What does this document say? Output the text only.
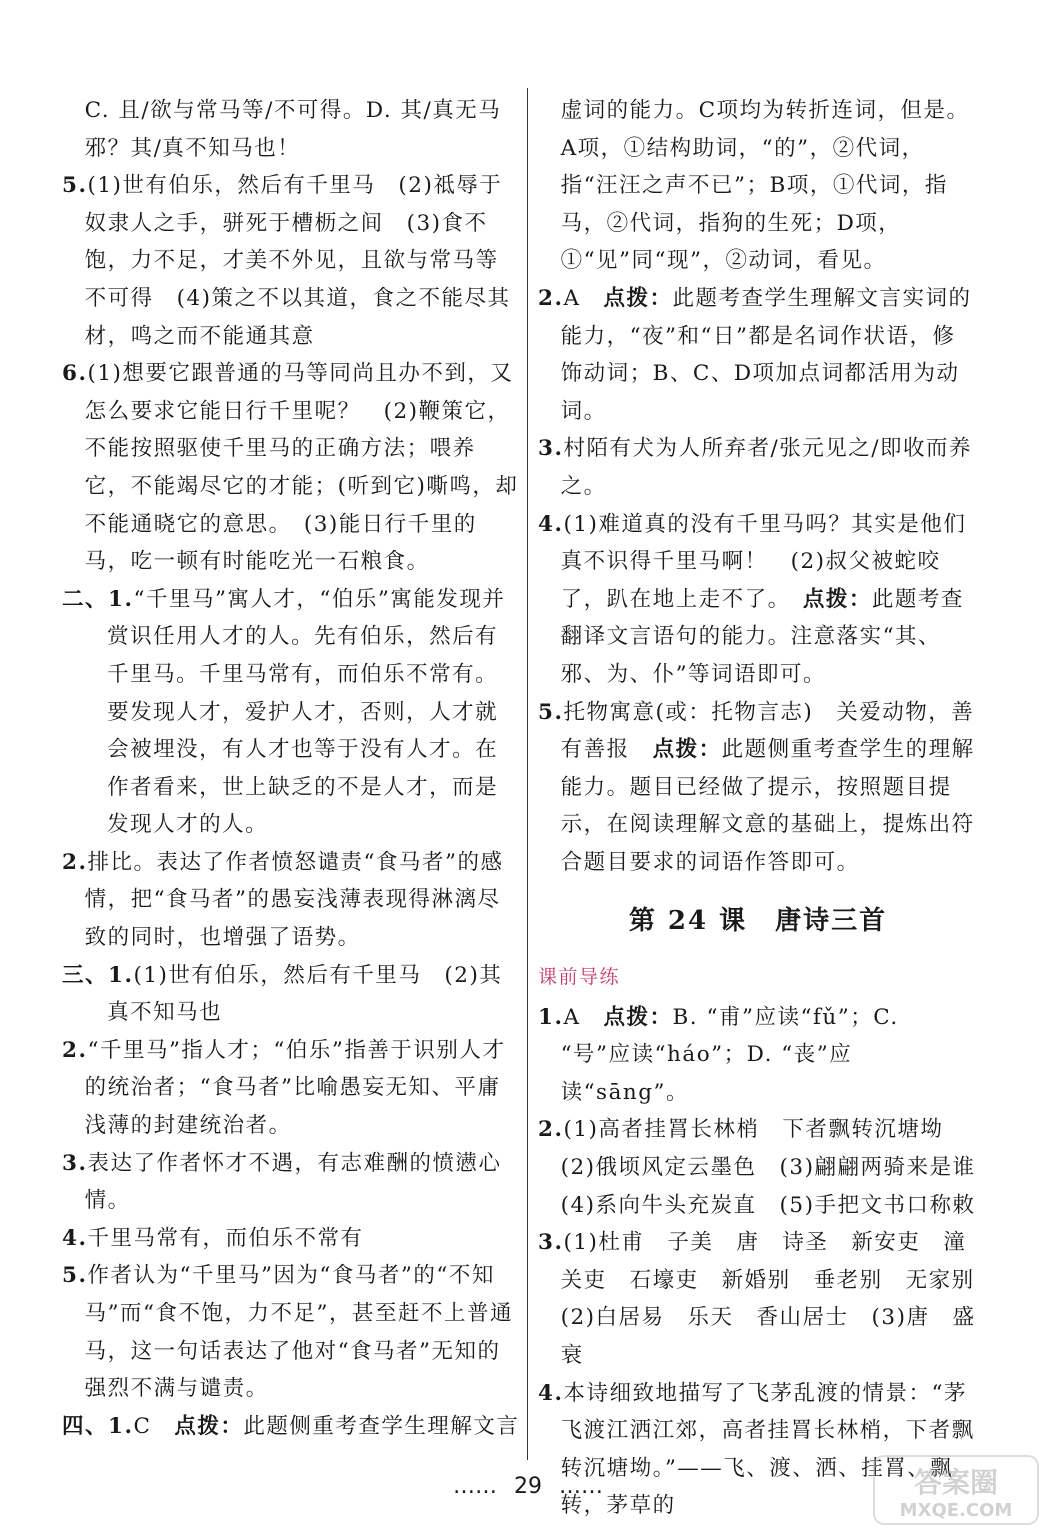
C. 且/欲与常马等/不可得。D. 其/真无马邪？其/真不知马也！
5.(1)世有伯乐，然后有千里马　(2)祗辱于奴隶人之手，骈死于槽枥之间　(3)食不饱，力不足，才美不外见，且欲与常马等不可得　(4)策之不以其道，食之不能尽其材，鸣之而不能通其意
6.(1)想要它跟普通的马等同尚且办不到，又怎么要求它能日行千里呢？　(2)鞭策它，不能按照驱使千里马的正确方法；喂养它，不能竭尽它的才能；(听到它)嘶鸣，却不能通晓它的意思。　(3)能日行千里的马，吃一顿有时能吃光一石粮食。
二、1.“千里马”寓人才，“伯乐”寓能发现并赏识任用人才的人。先有伯乐，然后有千里马。千里马常有，而伯乐不常有。要发现人才，爱护人才，否则，人才就会被埋没，有人才也等于没有人才。在作者看来，世上缺乏的不是人才，而是发现人才的人。
2.排比。表达了作者愤怒谴责“食马者”的感情，把“食马者”的愚妄浅薄表现得淋漓尽致的同时，也增强了语势。
三、1.(1)世有伯乐，然后有千里马　(2)其真不知马也
2.“千里马”指人才；“伯乐”指善于识别人才的统治者；“食马者”比喻愚妄无知、平庸浅薄的封建统治者。
3.表达了作者怀才不遇，有志难酬的愤懑心情。
4.千里马常有，而伯乐不常有
5.作者认为“千里马”因为“食马者”的“不知马”而“食不饱，力不足”，甚至赶不上普通马，这一句话表达了他对“食马者”无知的强烈不满与谴责。
四、1.C　点拨：此题侧重考查学生理解文言
虚词的能力。C项均为转折连词，但是。A项，①结构助词，“的”，②代词，指“汪汪之声不已”；B项，①代词，指马，②代词，指狗的生死；D项，①“见”同“现”，②动词，看见。
2.A　点拨：此题考查学生理解文言实词的能力，“夜”和“日”都是名词作状语，修饰动词；B、C、D项加点词都活用为动词。
3.村陌有犬为人所弃者/张元见之/即收而养之。
4.(1)难道真的没有千里马吗？其实是他们真不识得千里马啊！　(2)叔父被蛇咬了，趴在地上走不了。　点拨：此题考查翻译文言语句的能力。注意落实“其、邪、为、仆”等词语即可。
5.托物寓意(或：托物言志)　关爱动物，善有善报　点拨：此题侧重考查学生的理解能力。题目已经做了提示，按照题目提示，在阅读理解文意的基础上，提炼出符合题目要求的词语作答即可。
第 24 课　唐诗三首
课前导练
1.A　点拨：B. “甫”应读“fǔ”；C. “号”应读“háo”；D. “丧”应读“sāng”。
2.(1)高者挂罥长林梢　下者飘转沉塘坳　(2)俄顷风定云墨色　(3)翩翩两骑来是谁　(4)系向牛头充炭直　(5)手把文书口称敕
3.(1)杜甫　子美　唐　诗圣　新安吏　潼关吏　石壕吏　新婚别　垂老别　无家别　(2)白居易　乐天　香山居士　(3)唐　盛　衰
4.本诗细致地描写了飞茅乱渡的情景：“茅飞渡江洒江郊，高者挂罥长林梢，下者飘转沉塘坳。”——飞、渡、洒、挂罥、飘转，茅草的
…… 29 ……	答案圈
MXQE.COM
